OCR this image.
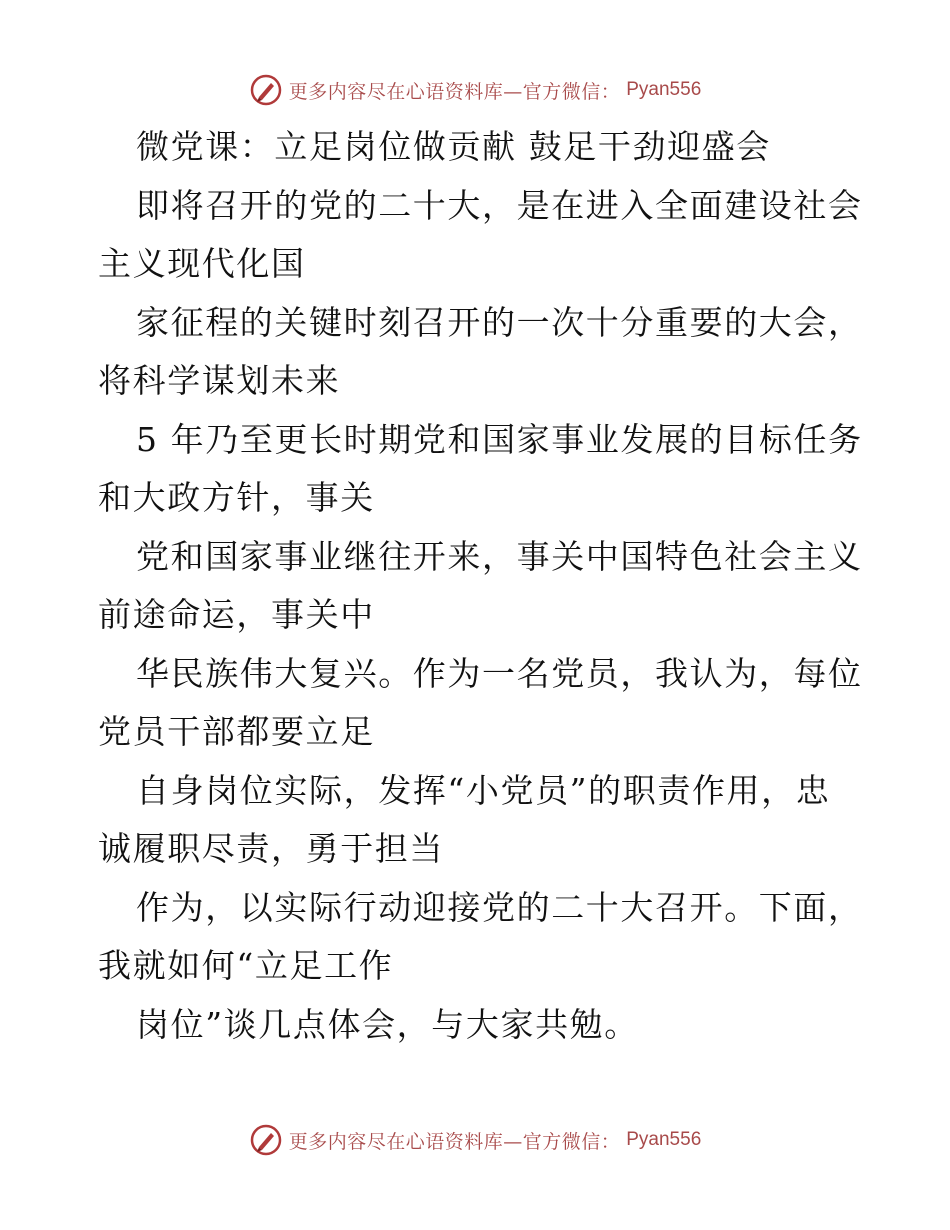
更多内容尽在心语资料库—官方微信： Pyan556
微党课：立足岗位做贡献 鼓足干劲迎盛会
即将召开的党的二十大，是在进入全面建设社会
主义现代化国
家征程的关键时刻召开的一次十分重要的大会，
将科学谋划未来
5 年乃至更长时期党和国家事业发展的目标任务
和大政方针，事关
党和国家事业继往开来，事关中国特色社会主义
前途命运，事关中
华民族伟大复兴。作为一名党员，我认为，每位
党员干部都要立足
自身岗位实际，发挥“小党员”的职责作用，忠
诚履职尽责，勇于担当
作为，以实际行动迎接党的二十大召开。下面，
我就如何“立足工作
岗位”谈几点体会，与大家共勉。
更多内容尽在心语资料库—官方微信： Pyan556
